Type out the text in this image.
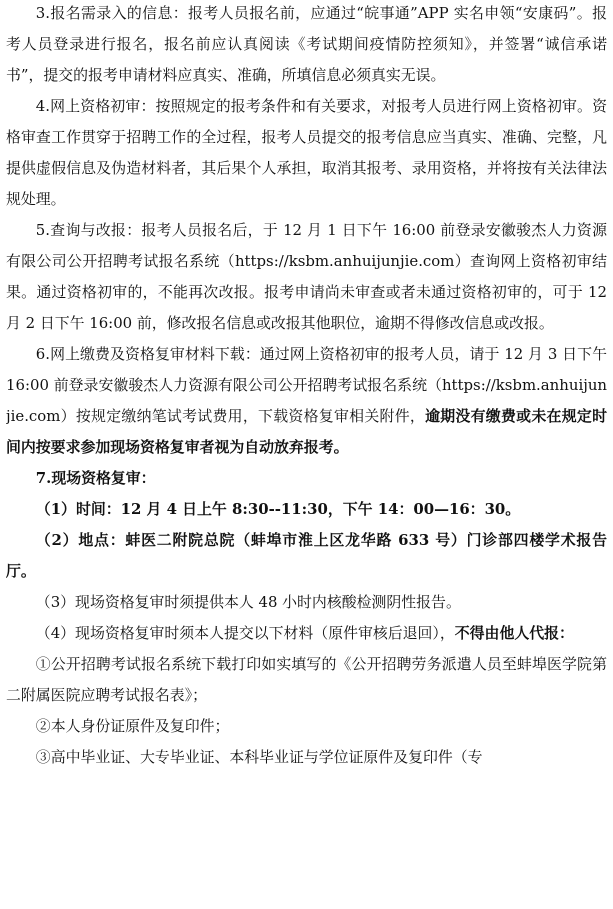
3.报名需录入的信息：报考人员报名前，应通过“皖事通”APP 实名申领“安康码”。报考人员登录进行报名，报名前应认真阅读《考试期间疫情防控须知》，并签署“诚信承诺书”，提交的报考申请材料应真实、准确，所填信息必须真实无误。

4.网上资格初审：按照规定的报考条件和有关要求，对报考人员进行网上资格初审。资格审查工作贯穿于招聘工作的全过程，报考人员提交的报考信息应当真实、准确、完整，凡提供虚假信息及伪造材料者，其后果个人承担，取消其报考、录用资格，并将按有关法律法规处理。

5.查询与改报：报考人员报名后，于 12 月 1 日下午 16:00 前登录安徽骏杰人力资源有限公司公开招聘考试报名系统（https://ksbm.anhuijunjie.com）查询网上资格初审结果。通过资格初审的，不能再次改报。报考申请尚未审查或者未通过资格初审的，可于 12 月 2 日下午 16:00 前，修改报名信息或改报其他职位，逾期不得修改信息或改报。

6.网上缴费及资格复审材料下载：通过网上资格初审的报考人员，请于 12 月 3 日下午 16:00 前登录安徽骏杰人力资源有限公司公开招聘考试报名系统（https://ksbm.anhuijunjie.com）按规定缴纳笔试考试费用，下载资格复审相关附件，逾期没有缴费或未在规定时间内按要求参加现场资格复审者视为自动放弃报考。

7.现场资格复审：

（1）时间：12 月 4 日上午 8:30--11:30，下午 14：00—16：30。

（2）地点：蚌医二附院总院（蚌埠市淮上区龙华路 633 号）门诊部四楼学术报告厅。

（3）现场资格复审时须提供本人 48 小时内核酸检测阴性报告。

（4）现场资格复审时须本人提交以下材料（原件审核后退回），不得由他人代报：

①公开招聘考试报名系统下载打印如实填写的《公开招聘劳务派遣人员至蚌埠医学院第二附属医院应聘考试报名表》；

②本人身份证原件及复印件；

③高中毕业证、大专毕业证、本科毕业证与学位证原件及复印件（专
